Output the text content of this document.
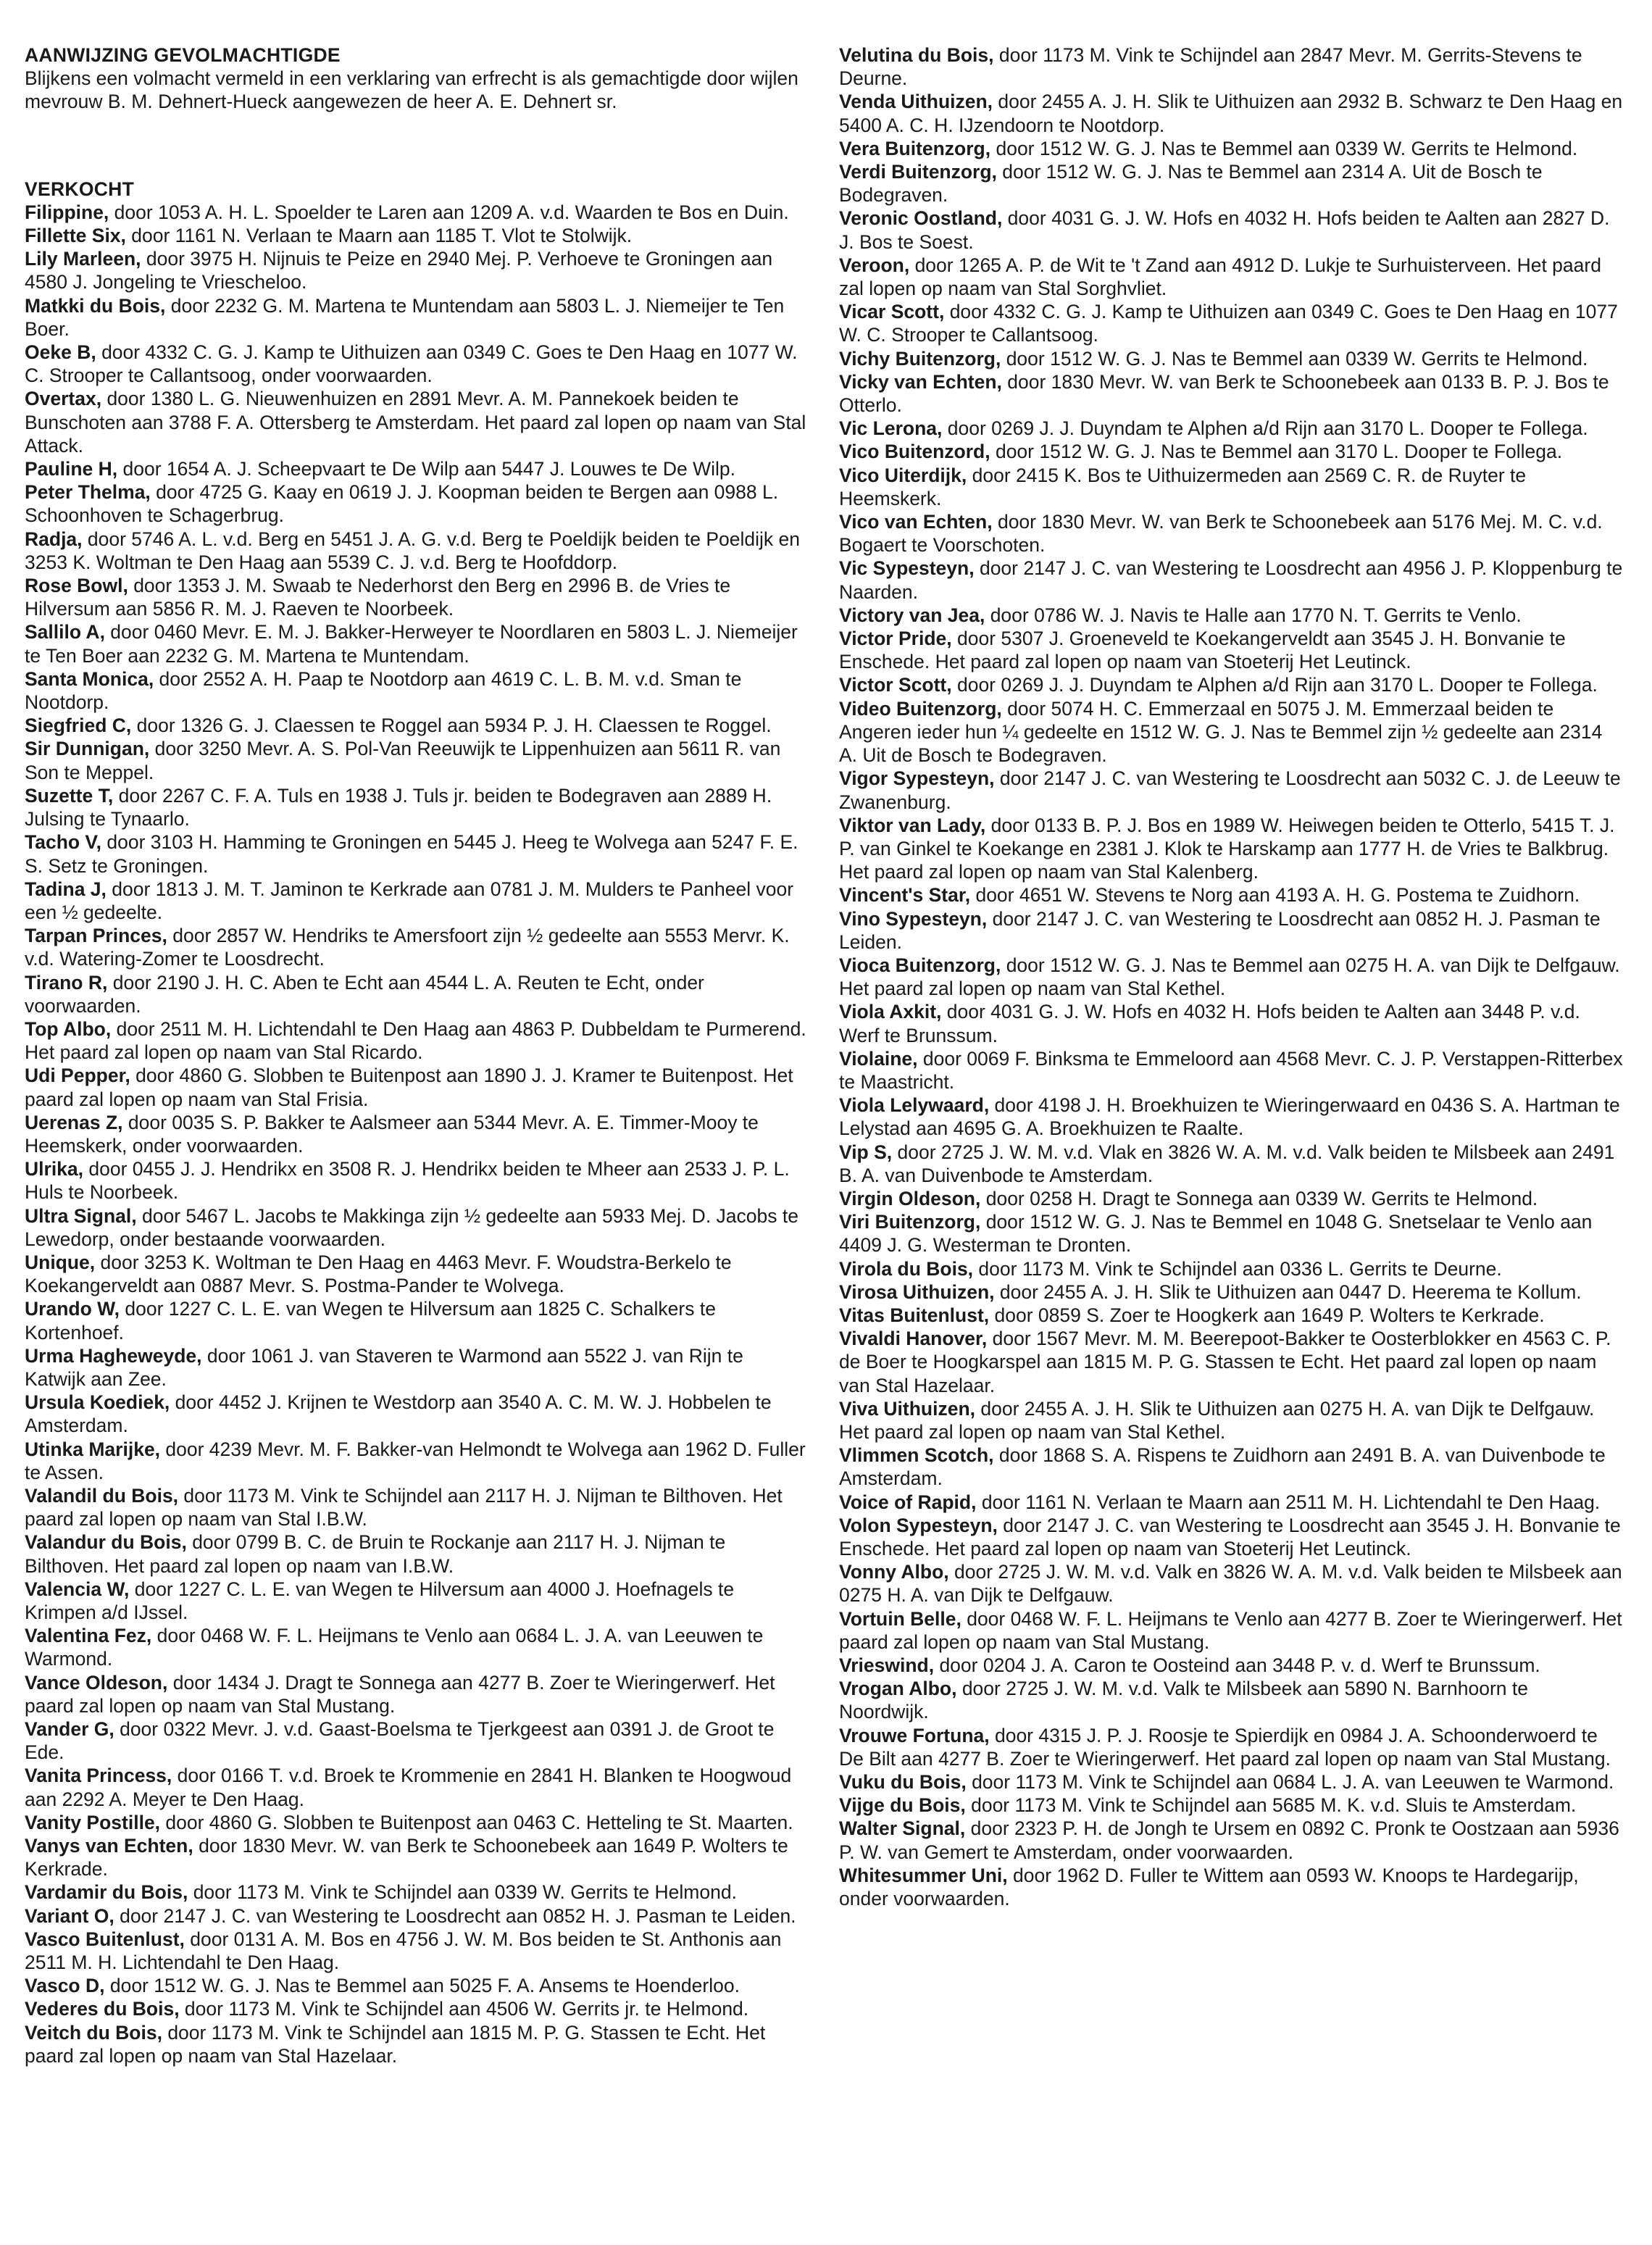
AANWIJZING GEVOLMACHTIGDE

Blijkens een volmacht vermeld in een verklaring van erfrecht is als gemachtigde door wijlen mevrouw B. M. Dehnert-Hueck aangewezen de heer A. E. Dehnert sr.

VERKOCHT

Filippine, door 1053 A. H. L. Spoelder te Laren aan 1209 A. v.d. Waarden te Bos en Duin.

Fillette Six, door 1161 N. Verlaan te Maarn aan 1185 T. Vlot te Stolwijk.

Lily Marleen, door 3975 H. Nijnuis te Peize en 2940 Mej. P. Verhoeve te Groningen aan 4580 J. Jongeling te Vriescheloo.

Matkki du Bois, door 2232 G. M. Martena te Muntendam aan 5803 L. J. Niemeijer te Ten Boer.

Oeke B, door 4332 C. G. J. Kamp te Uithuizen aan 0349 C. Goes te Den Haag en 1077 W. C. Strooper te Callantsoog, onder voorwaarden.

Overtax, door 1380 L. G. Nieuwenhuizen en 2891 Mevr. A. M. Pannekoek beiden te Bunschoten aan 3788 F. A. Ottersberg te Amsterdam. Het paard zal lopen op naam van Stal Attack.

Pauline H, door 1654 A. J. Scheepvaart te De Wilp aan 5447 J. Louwes te De Wilp.

Peter Thelma, door 4725 G. Kaay en 0619 J. J. Koopman beiden te Bergen aan 0988 L. Schoonhoven te Schagerbrug.

Radja, door 5746 A. L. v.d. Berg en 5451 J. A. G. v.d. Berg te Poeldijk beiden te Poeldijk en 3253 K. Woltman te Den Haag aan 5539 C. J. v.d. Berg te Hoofddorp.

Rose Bowl, door 1353 J. M. Swaab te Nederhorst den Berg en 2996 B. de Vries te Hilversum aan 5856 R. M. J. Raeven te Noorbeek.

Sallilo A, door 0460 Mevr. E. M. J. Bakker-Herweyer te Noordlaren en 5803 L. J. Niemeijer te Ten Boer aan 2232 G. M. Martena te Muntendam.

Santa Monica, door 2552 A. H. Paap te Nootdorp aan 4619 C. L. B. M. v.d. Sman te Nootdorp.

Siegfried C, door 1326 G. J. Claessen te Roggel aan 5934 P. J. H. Claessen te Roggel.

Sir Dunnigan, door 3250 Mevr. A. S. Pol-Van Reeuwijk te Lippenhuizen aan 5611 R. van Son te Meppel.

Suzette T, door 2267 C. F. A. Tuls en 1938 J. Tuls jr. beiden te Bodegraven aan 2889 H. Julsing te Tynaarlo.

Tacho V, door 3103 H. Hamming te Groningen en 5445 J. Heeg te Wolvega aan 5247 F. E. S. Setz te Groningen.

Tadina J, door 1813 J. M. T. Jaminon te Kerkrade aan 0781 J. M. Mulders te Panheel voor een ½ gedeelte.

Tarpan Princes, door 2857 W. Hendriks te Amersfoort zijn ½ gedeelte aan 5553 Mervr. K. v.d. Watering-Zomer te Loosdrecht.

Tirano R, door 2190 J. H. C. Aben te Echt aan 4544 L. A. Reuten te Echt, onder voorwaarden.

Top Albo, door 2511 M. H. Lichtendahl te Den Haag aan 4863 P. Dubbeldam te Purmerend. Het paard zal lopen op naam van Stal Ricardo.

Udi Pepper, door 4860 G. Slobben te Buitenpost aan 1890 J. J. Kramer te Buitenpost. Het paard zal lopen op naam van Stal Frisia.

Uerenas Z, door 0035 S. P. Bakker te Aalsmeer aan 5344 Mevr. A. E. Timmer-Mooy te Heemskerk, onder voorwaarden.

Ulrika, door 0455 J. J. Hendrikx en 3508 R. J. Hendrikx beiden te Mheer aan 2533 J. P. L. Huls te Noorbeek.

Ultra Signal, door 5467 L. Jacobs te Makkinga zijn ½ gedeelte aan 5933 Mej. D. Jacobs te Lewedorp, onder bestaande voorwaarden.

Unique, door 3253 K. Woltman te Den Haag en 4463 Mevr. F. Woudstra-Berkelo te Koekangerveldt aan 0887 Mevr. S. Postma-Pander te Wolvega.

Urando W, door 1227 C. L. E. van Wegen te Hilversum aan 1825 C. Schalkers te Kortenhoef.

Urma Hagheweyde, door 1061 J. van Staveren te Warmond aan 5522 J. van Rijn te Katwijk aan Zee.

Ursula Koediek, door 4452 J. Krijnen te Westdorp aan 3540 A. C. M. W. J. Hobbelen te Amsterdam.

Utinka Marijke, door 4239 Mevr. M. F. Bakker-van Helmondt te Wolvega aan 1962 D. Fuller te Assen.

Valandil du Bois, door 1173 M. Vink te Schijndel aan 2117 H. J. Nijman te Bilthoven. Het paard zal lopen op naam van Stal I.B.W.

Valandur du Bois, door 0799 B. C. de Bruin te Rockanje aan 2117 H. J. Nijman te Bilthoven. Het paard zal lopen op naam van I.B.W.

Valencia W, door 1227 C. L. E. van Wegen te Hilversum aan 4000 J. Hoefnagels te Krimpen a/d IJssel.

Valentina Fez, door 0468 W. F. L. Heijmans te Venlo aan 0684 L. J. A. van Leeuwen te Warmond.

Vance Oldeson, door 1434 J. Dragt te Sonnega aan 4277 B. Zoer te Wieringerwerf. Het paard zal lopen op naam van Stal Mustang.

Vander G, door 0322 Mevr. J. v.d. Gaast-Boelsma te Tjerkgeest aan 0391 J. de Groot te Ede.

Vanita Princess, door 0166 T. v.d. Broek te Krommenie en 2841 H. Blanken te Hoogwoud aan 2292 A. Meyer te Den Haag.

Vanity Postille, door 4860 G. Slobben te Buitenpost aan 0463 C. Hetteling te St. Maarten.

Vanys van Echten, door 1830 Mevr. W. van Berk te Schoonebeek aan 1649 P. Wolters te Kerkrade.

Vardamir du Bois, door 1173 M. Vink te Schijndel aan 0339 W. Gerrits te Helmond.

Variant O, door 2147 J. C. van Westering te Loosdrecht aan 0852 H. J. Pasman te Leiden.

Vasco Buitenlust, door 0131 A. M. Bos en 4756 J. W. M. Bos beiden te St. Anthonis aan 2511 M. H. Lichtendahl te Den Haag.

Vasco D, door 1512 W. G. J. Nas te Bemmel aan 5025 F. A. Ansems te Hoenderloo.

Vederes du Bois, door 1173 M. Vink te Schijndel aan 4506 W. Gerrits jr. te Helmond.

Veitch du Bois, door 1173 M. Vink te Schijndel aan 1815 M. P. G. Stassen te Echt. Het paard zal lopen op naam van Stal Hazelaar.

Velutina du Bois, door 1173 M. Vink te Schijndel aan 2847 Mevr. M. Gerrits-Stevens te Deurne.

Venda Uithuizen, door 2455 A. J. H. Slik te Uithuizen aan 2932 B. Schwarz te Den Haag en 5400 A. C. H. IJzendoorn te Nootdorp.

Vera Buitenzorg, door 1512 W. G. J. Nas te Bemmel aan 0339 W. Gerrits te Helmond.

Verdi Buitenzorg, door 1512 W. G. J. Nas te Bemmel aan 2314 A. Uit de Bosch te Bodegraven.

Veronic Oostland, door 4031 G. J. W. Hofs en 4032 H. Hofs beiden te Aalten aan 2827 D. J. Bos te Soest.

Veroon, door 1265 A. P. de Wit te 't Zand aan 4912 D. Lukje te Surhuisterveen. Het paard zal lopen op naam van Stal Sorghvliet.

Vicar Scott, door 4332 C. G. J. Kamp te Uithuizen aan 0349 C. Goes te Den Haag en 1077 W. C. Strooper te Callantsoog.

Vichy Buitenzorg, door 1512 W. G. J. Nas te Bemmel aan 0339 W. Gerrits te Helmond.

Vicky van Echten, door 1830 Mevr. W. van Berk te Schoonebeek aan 0133 B. P. J. Bos te Otterlo.

Vic Lerona, door 0269 J. J. Duyndam te Alphen a/d Rijn aan 3170 L. Dooper te Follega.

Vico Buitenzord, door 1512 W. G. J. Nas te Bemmel aan 3170 L. Dooper te Follega.

Vico Uiterdijk, door 2415 K. Bos te Uithuizermeden aan 2569 C. R. de Ruyter te Heemskerk.

Vico van Echten, door 1830 Mevr. W. van Berk te Schoonebeek aan 5176 Mej. M. C. v.d. Bogaert te Voorschoten.

Vic Sypesteyn, door 2147 J. C. van Westering te Loosdrecht aan 4956 J. P. Kloppenburg te Naarden.

Victory van Jea, door 0786 W. J. Navis te Halle aan 1770 N. T. Gerrits te Venlo.

Victor Pride, door 5307 J. Groeneveld te Koekangerveldt aan 3545 J. H. Bonvanie te Enschede. Het paard zal lopen op naam van Stoeterij Het Leutinck.

Victor Scott, door 0269 J. J. Duyndam te Alphen a/d Rijn aan 3170 L. Dooper te Follega.

Video Buitenzorg, door 5074 H. C. Emmerzaal en 5075 J. M. Emmerzaal beiden te Angeren ieder hun ¼ gedeelte en 1512 W. G. J. Nas te Bemmel zijn ½ gedeelte aan 2314 A. Uit de Bosch te Bodegraven.

Vigor Sypesteyn, door 2147 J. C. van Westering te Loosdrecht aan 5032 C. J. de Leeuw te Zwanenburg.

Viktor van Lady, door 0133 B. P. J. Bos en 1989 W. Heiwegen beiden te Otterlo, 5415 T. J. P. van Ginkel te Koekange en 2381 J. Klok te Harskamp aan 1777 H. de Vries te Balkbrug. Het paard zal lopen op naam van Stal Kalenberg.

Vincent's Star, door 4651 W. Stevens te Norg aan 4193 A. H. G. Postema te Zuidhorn.

Vino Sypesteyn, door 2147 J. C. van Westering te Loosdrecht aan 0852 H. J. Pasman te Leiden.

Vioca Buitenzorg, door 1512 W. G. J. Nas te Bemmel aan 0275 H. A. van Dijk te Delfgauw. Het paard zal lopen op naam van Stal Kethel.

Viola Axkit, door 4031 G. J. W. Hofs en 4032 H. Hofs beiden te Aalten aan 3448 P. v.d. Werf te Brunssum.

Violaine, door 0069 F. Binksma te Emmeloord aan 4568 Mevr. C. J. P. Verstappen-Ritterbex te Maastricht.

Viola Lelywaard, door 4198 J. H. Broekhuizen te Wieringerwaard en 0436 S. A. Hartman te Lelystad aan 4695 G. A. Broekhuizen te Raalte.

Vip S, door 2725 J. W. M. v.d. Vlak en 3826 W. A. M. v.d. Valk beiden te Milsbeek aan 2491 B. A. van Duivenbode te Amsterdam.

Virgin Oldeson, door 0258 H. Dragt te Sonnega aan 0339 W. Gerrits te Helmond.

Viri Buitenzorg, door 1512 W. G. J. Nas te Bemmel en 1048 G. Snetselaar te Venlo aan 4409 J. G. Westerman te Dronten.

Virola du Bois, door 1173 M. Vink te Schijndel aan 0336 L. Gerrits te Deurne.

Virosa Uithuizen, door 2455 A. J. H. Slik te Uithuizen aan 0447 D. Heerema te Kollum.

Vitas Buitenlust, door 0859 S. Zoer te Hoogkerk aan 1649 P. Wolters te Kerkrade.

Vivaldi Hanover, door 1567 Mevr. M. M. Beerepoot-Bakker te Oosterblokker en 4563 C. P. de Boer te Hoogkarspel aan 1815 M. P. G. Stassen te Echt. Het paard zal lopen op naam van Stal Hazelaar.

Viva Uithuizen, door 2455 A. J. H. Slik te Uithuizen aan 0275 H. A. van Dijk te Delfgauw. Het paard zal lopen op naam van Stal Kethel.

Vlimmen Scotch, door 1868 S. A. Rispens te Zuidhorn aan 2491 B. A. van Duivenbode te Amsterdam.

Voice of Rapid, door 1161 N. Verlaan te Maarn aan 2511 M. H. Lichtendahl te Den Haag.

Volon Sypesteyn, door 2147 J. C. van Westering te Loosdrecht aan 3545 J. H. Bonvanie te Enschede. Het paard zal lopen op naam van Stoeterij Het Leutinck.

Vonny Albo, door 2725 J. W. M. v.d. Valk en 3826 W. A. M. v.d. Valk beiden te Milsbeek aan 0275 H. A. van Dijk te Delfgauw.

Vortuin Belle, door 0468 W. F. L. Heijmans te Venlo aan 4277 B. Zoer te Wieringerwerf. Het paard zal lopen op naam van Stal Mustang.

Vrieswind, door 0204 J. A. Caron te Oosteind aan 3448 P. v. d. Werf te Brunssum.

Vrogan Albo, door 2725 J. W. M. v.d. Valk te Milsbeek aan 5890 N. Barnhoorn te Noordwijk.

Vrouwe Fortuna, door 4315 J. P. J. Roosje te Spierdijk en 0984 J. A. Schoonderwoerd te De Bilt aan 4277 B. Zoer te Wieringerwerf. Het paard zal lopen op naam van Stal Mustang.

Vuku du Bois, door 1173 M. Vink te Schijndel aan 0684 L. J. A. van Leeuwen te Warmond.

Vijge du Bois, door 1173 M. Vink te Schijndel aan 5685 M. K. v.d. Sluis te Amsterdam.

Walter Signal, door 2323 P. H. de Jongh te Ursem en 0892 C. Pronk te Oostzaan aan 5936 P. W. van Gemert te Amsterdam, onder voorwaarden.

Whitesummer Uni, door 1962 D. Fuller te Wittem aan 0593 W. Knoops te Hardegarijp, onder voorwaarden.
